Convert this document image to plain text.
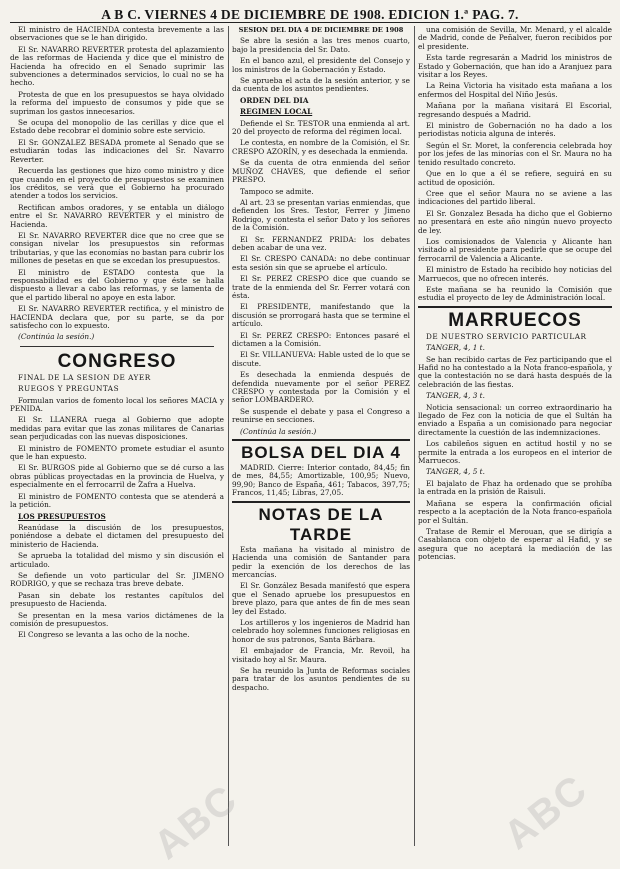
A B C. VIERNES 4 DE DICIEMBRE DE 1908. EDICION 1.ª PAG. 7.

El ministro de HACIENDA contesta brevemente a las observaciones que se le han dirigido.

El Sr. NAVARRO REVERTER protesta del aplazamiento de las reformas de Hacienda y dice que el ministro de Hacienda ha ofrecido en el Senado suprimir las subvenciones a determinados servicios, lo cual no se ha hecho.

Protesta de que en los presupuestos se haya olvidado la reforma del impuesto de consumos y pide que se supriman los gastos innecesarios.

Se ocupa del monopolio de las cerillas y dice que el Estado debe recobrar el dominio sobre este servicio.

El Sr. GONZALEZ BESADA promete al Senado que se estudiarán todas las indicaciones del Sr. Navarro Reverter.

Recuerda las gestiones que hizo como ministro y dice que cuando en el proyecto de presupuestos se examinen los créditos, se verá que el Gobierno ha procurado atender a todos los servicios.

Rectifican ambos oradores, y se entabla un diálogo entre el Sr. NAVARRO REVERTER y el ministro de Hacienda.

El Sr. NAVARRO REVERTER dice que no cree que se consigan nivelar los presupuestos sin reformas tributarias, y que las economías no bastan para cubrir los millones de pesetas en que se excedan los presupuestos.

El ministro de ESTADO contesta que la responsabilidad es del Gobierno y que éste se halla dispuesto a llevar a cabo las reformas, y se lamenta de que el partido liberal no apoye en esta labor.

El Sr. NAVARRO REVERTER rectifica, y el ministro de HACIENDA declara que, por su parte, se da por satisfecho con lo expuesto.

(Continúa la sesión.)

CONGRESO

FINAL DE LA SESION DE AYER

RUEGOS Y PREGUNTAS

Formulan varios de fomento local los señores MACIA y PENIDA.

El Sr. LLANERA ruega al Gobierno que adopte medidas para evitar que las zonas militares de Canarias sean perjudicadas con las nuevas disposiciones.

El ministro de FOMENTO promete estudiar el asunto que le han expuesto.

El Sr. BURGOS pide al Gobierno que se dé curso a las obras públicas proyectadas en la provincia de Huelva, y especialmente en el ferrocarril de Zafra a Huelva.

El ministro de FOMENTO contesta que se atenderá a la petición.

LOS PRESUPUESTOS

Reanúdase la discusión de los presupuestos, poniéndose a debate el dictamen del presupuesto del ministerio de Hacienda.

Se aprueba la totalidad del mismo y sin discusión el articulado.

Se defiende un voto particular del Sr. JIMENO RODRIGO, y que se rechaza tras breve debate.

Pasan sin debate los restantes capítulos del presupuesto de Hacienda.

Se presentan en la mesa varios dictámenes de la comisión de presupuestos.

El Congreso se levanta a las ocho de la noche.

SESION DEL DIA 4 DE DICIEMBRE DE 1908

Se abre la sesión a las tres menos cuarto, bajo la presidencia del Sr. Dato.

En el banco azul, el presidente del Consejo y los ministros de la Gobernación y Estado.

Se aprueba el acta de la sesión anterior, y se da cuenta de los asuntos pendientes.

ORDEN DEL DIA

REGIMEN LOCAL

Defiende el Sr. TESTOR una enmienda al art. 20 del proyecto de reforma del régimen local.

Le contesta, en nombre de la Comisión, el Sr. CRESPO AZORÍN, y es desechada la enmienda.

Se da cuenta de otra enmienda del señor MUÑOZ CHAVES, que defiende el señor PRESPO.

Tampoco se admite.

Al art. 23 se presentan varias enmiendas, que defienden los Sres. Testor, Ferrer y Jimeno Rodrigo, y contesta el señor Dato y los señores de la Comisión.

El Sr. FERNANDEZ PRIDA: los debates deben acabar de una vez.

El Sr. CRESPO CANADA: no debe continuar esta sesión sin que se apruebe el artículo.

El Sr. PEREZ CRESPO dice que cuando se trate de la enmienda del Sr. Ferrer votará con ésta.

El PRESIDENTE, manifestando que la discusión se prorrogará hasta que se termine el artículo.

El Sr. PEREZ CRESPO: Entonces pasaré el dictamen a la Comisión.

El Sr. VILLANUEVA: Hable usted de lo que se discute.

Es desechada la enmienda después de defendida nuevamente por el señor PEREZ CRESPO y contestada por la Comisión y el señor LOMBARDERO.

Se suspende el debate y pasa el Congreso a reunirse en secciones.

(Continúa la sesión.)

BOLSA DEL DIA 4

MADRID. Cierre: Interior contado, 84,45; fin de mes, 84,55; Amortizable, 100,95; Nuevo, 99,90; Banco de España, 461; Tabacos, 397,75; Francos, 11,45; Libras, 27,05.

NOTAS DE LA TARDE

Esta mañana ha visitado al ministro de Hacienda una comisión de Santander para pedir la exención de los derechos de las mercancías.

El Sr. González Besada manifestó que espera que el Senado apruebe los presupuestos en breve plazo, para que antes de fin de mes sean ley del Estado.

Los artilleros y los ingenieros de Madrid han celebrado hoy solemnes funciones religiosas en honor de sus patronos, Santa Bárbara.

El embajador de Francia, Mr. Revoil, ha visitado hoy al Sr. Maura.

Se ha reunido la Junta de Reformas sociales para tratar de los asuntos pendientes de su despacho.

una comisión de Sevilla, Mr. Menard, y el alcalde de Madrid, conde de Peñalver, fueron recibidos por el presidente.

Esta tarde regresarán a Madrid los ministros de Estado y Gobernación, que han ido a Aranjuez para visitar a los Reyes.

La Reina Victoria ha visitado esta mañana a los enfermos del Hospital del Niño Jesús.

Mañana por la mañana visitará El Escorial, regresando después a Madrid.

El ministro de Gobernación no ha dado a los periodistas noticia alguna de interés.

Según el Sr. Moret, la conferencia celebrada hoy por los jefes de las minorías con el Sr. Maura no ha tenido resultado concreto.

Que en lo que a él se refiere, seguirá en su actitud de oposición.

Cree que el señor Maura no se aviene a las indicaciones del partido liberal.

El Sr. Gonzalez Besada ha dicho que el Gobierno no presentará en este año ningún nuevo proyecto de ley.

Los comisionados de Valencia y Alicante han visitado al presidente para pedirle que se ocupe del ferrocarril de Valencia a Alicante.

El ministro de Estado ha recibido hoy noticias del Marruecos, que no ofrecen interés.

Este mañana se ha reunido la Comisión que estudia el proyecto de ley de Administración local.

MARRUECOS

DE NUESTRO SERVICIO PARTICULAR

TANGER, 4, 1 t.

Se han recibido cartas de Fez participando que el Hafid no ha contestado a la Nota franco-española, y que la contestación no se dará hasta después de la celebración de las fiestas.

TANGER, 4, 3 t.

Noticia sensacional: un correo extraordinario ha llegado de Fez con la noticia de que el Sultán ha enviado a España a un comisionado para negociar directamente la cuestión de las indemnizaciones.

Los cabileños siguen en actitud hostil y no se permite la entrada a los europeos en el interior de Marruecos.

TANGER, 4, 5 t.

El bajalato de Fhaz ha ordenado que se prohíba la entrada en la prisión de Raisuli.

Mañana se espera la confirmación oficial respecto a la aceptación de la Nota franco-española por el Sultán.

Tratase de Remir el Merouan, que se dirigía a Casablanca con objeto de esperar al Hafid, y se asegura que no aceptará la mediación de las potencias.

ABC	ABC
